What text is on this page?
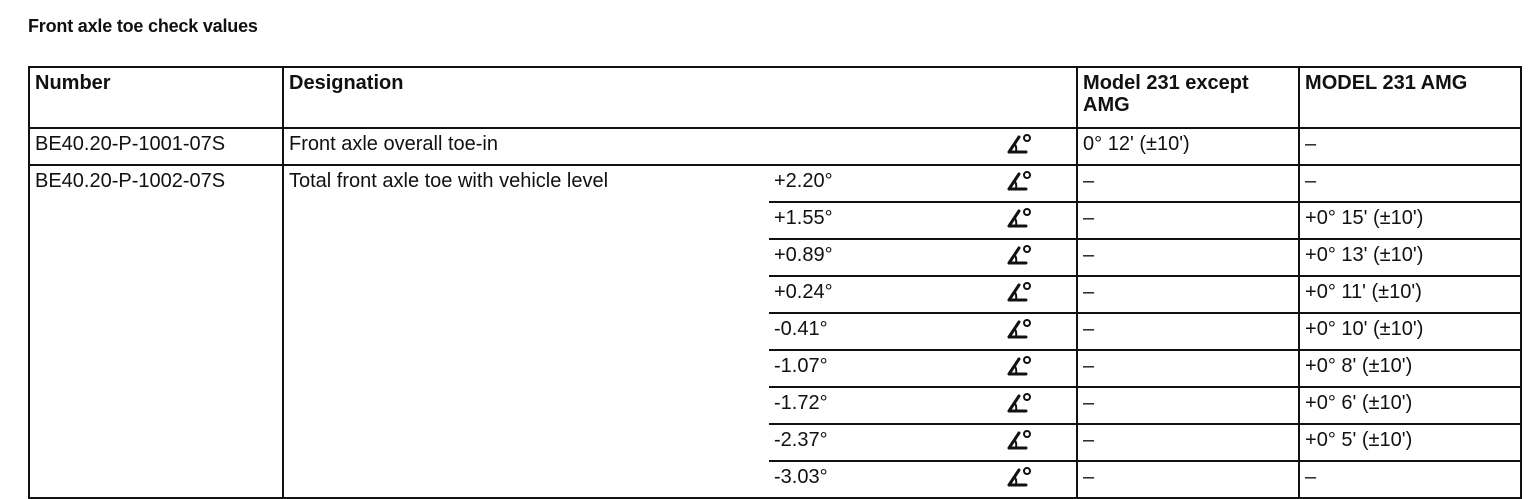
Front axle toe check values
Number	Designation			Model 231 except AMG	MODEL 231 AMG
BE40.20-P-1001-07S	Front axle overall toe-in			0° 12' (±10')	–
BE40.20-P-1002-07S	Total front axle toe with vehicle level	+2.20°		–	–
		+1.55°		–	+0° 15' (±10')
		+0.89°		–	+0° 13' (±10')
		+0.24°		–	+0° 11' (±10')
		-0.41°		–	+0° 10' (±10')
		-1.07°		–	+0° 8' (±10')
		-1.72°		–	+0° 6' (±10')
		-2.37°		–	+0° 5' (±10')
		-3.03°		–	–
